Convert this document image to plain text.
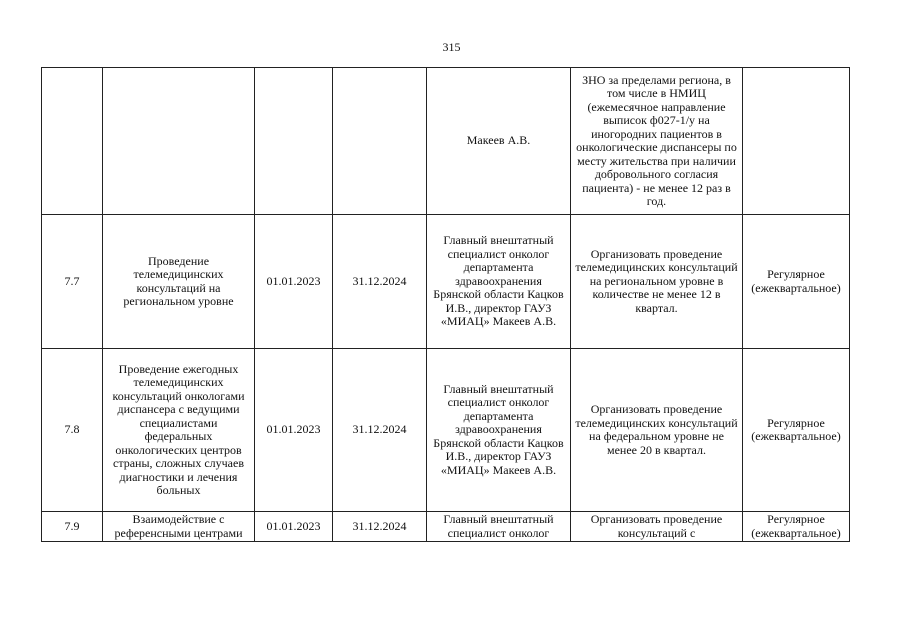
315
				Макеев А.В.	ЗНО за пределами региона, в том числе в НМИЦ (ежемесячное направление выписок ф027-1/у на иногородних пациентов в онкологические диспансеры по месту жительства при наличии добровольного согласия пациента) - не менее 12 раз в год.	
7.7	Проведение телемедицинских консультаций на региональном уровне	01.01.2023	31.12.2024	Главный внештатный специалист онколог департамента здравоохранения Брянской области Кацков И.В., директор ГАУЗ «МИАЦ» Макеев А.В.	Организовать проведение телемедицинских консультаций на региональном уровне в количестве не менее 12 в квартал.	Регулярное (ежеквартальное)
7.8	Проведение ежегодных телемедицинских консультаций онкологами диспансера с ведущими специалистами федеральных онкологических центров страны, сложных случаев диагностики и лечения больных	01.01.2023	31.12.2024	Главный внештатный специалист онколог департамента здравоохранения Брянской области Кацков И.В., директор ГАУЗ «МИАЦ» Макеев А.В.	Организовать проведение телемедицинских консультаций на федеральном уровне не менее 20 в квартал.	Регулярное (ежеквартальное)
7.9	Взаимодействие с референсными центрами	01.01.2023	31.12.2024	Главный внештатный специалист онколог	Организовать проведение консультаций с	Регулярное (ежеквартальное)
